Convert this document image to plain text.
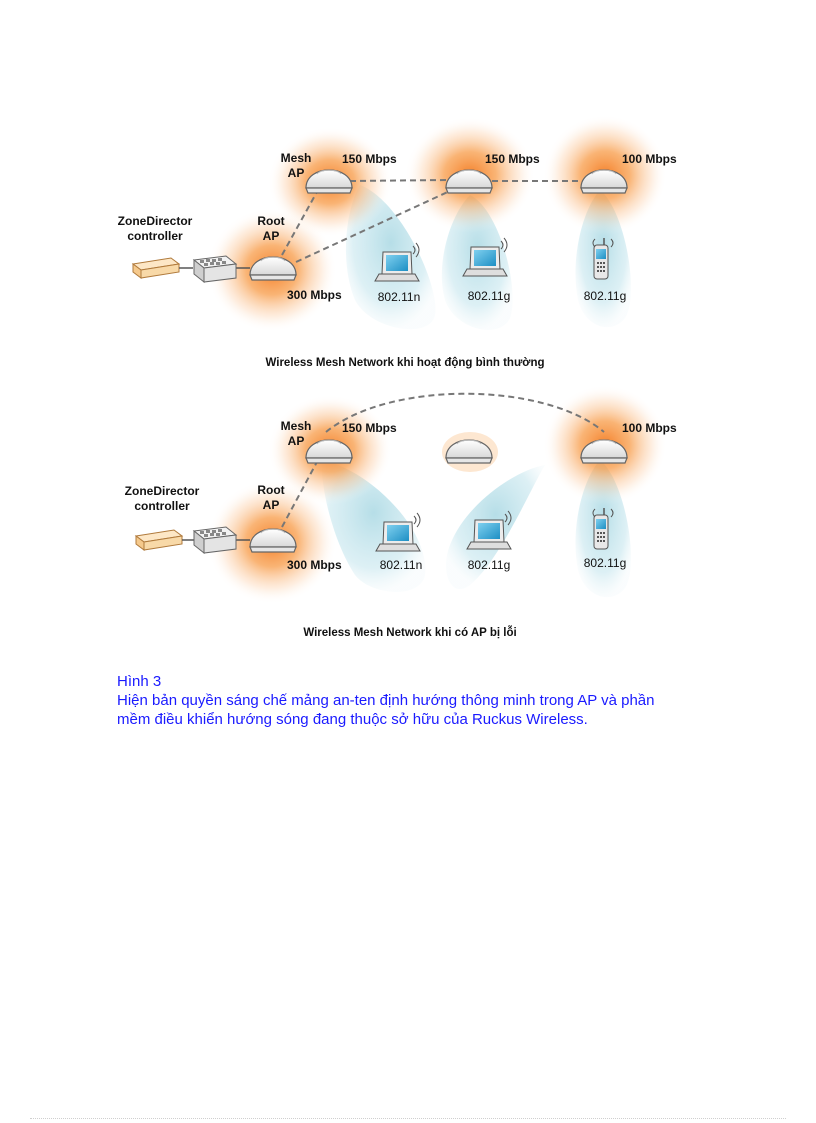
ZoneDirector
controller
Root
AP
Mesh
AP
300 Mbps
150 Mbps	150 Mbps	100 Mbps
802.11n	802.11g	802.11g
Wireless Mesh Network khi hoạt động bình thường
ZoneDirector
controller
Root
AP
Mesh
AP
300 Mbps
150 Mbps	100 Mbps
802.11n	802.11g	802.11g
Wireless Mesh Network khi có AP bị lỗi
Hình 3
Hiện bản quyền sáng chế mảng an-ten định hướng thông minh trong AP và phần
mềm điều khiển hướng sóng đang thuộc sở hữu của Ruckus Wireless.
